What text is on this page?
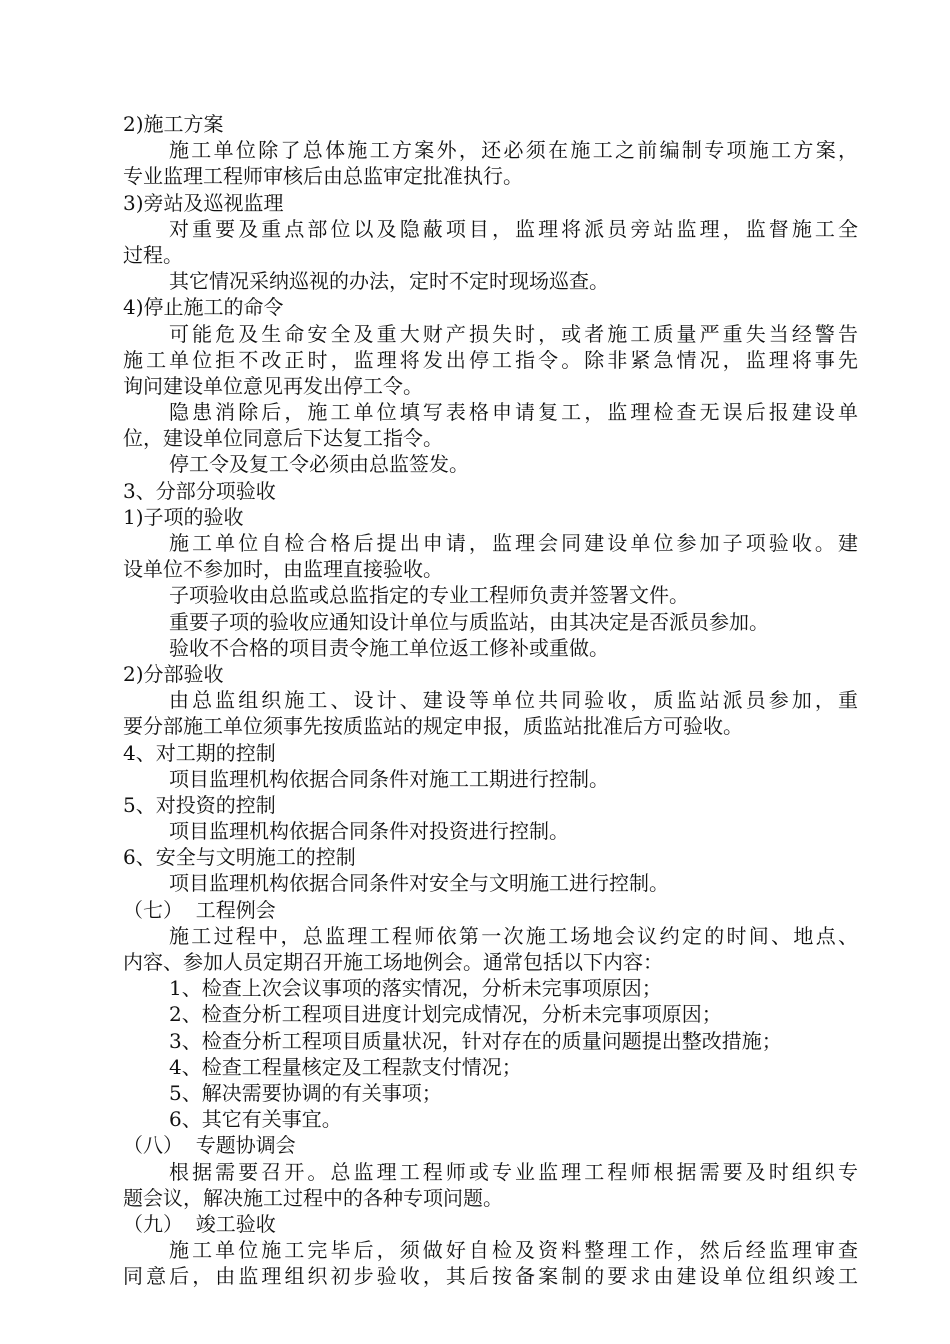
2)施工方案
施工单位除了总体施工方案外，还必须在施工之前编制专项施工方案，
专业监理工程师审核后由总监审定批准执行。
3)旁站及巡视监理
对重要及重点部位以及隐蔽项目，监理将派员旁站监理，监督施工全
过程。
其它情况采纳巡视的办法，定时不定时现场巡查。
4)停止施工的命令
可能危及生命安全及重大财产损失时，或者施工质量严重失当经警告
施工单位拒不改正时，监理将发出停工指令。除非紧急情况，监理将事先
询问建设单位意见再发出停工令。
隐患消除后，施工单位填写表格申请复工，监理检查无误后报建设单
位，建设单位同意后下达复工指令。
停工令及复工令必须由总监签发。
3、分部分项验收
1)子项的验收
施工单位自检合格后提出申请，监理会同建设单位参加子项验收。建
设单位不参加时，由监理直接验收。
子项验收由总监或总监指定的专业工程师负责并签署文件。
重要子项的验收应通知设计单位与质监站，由其决定是否派员参加。
验收不合格的项目责令施工单位返工修补或重做。
2)分部验收
由总监组织施工、设计、建设等单位共同验收，质监站派员参加，重
要分部施工单位须事先按质监站的规定申报，质监站批准后方可验收。
4、对工期的控制
项目监理机构依据合同条件对施工工期进行控制。
5、对投资的控制
项目监理机构依据合同条件对投资进行控制。
6、安全与文明施工的控制
项目监理机构依据合同条件对安全与文明施工进行控制。
（七）  工程例会
施工过程中，总监理工程师依第一次施工场地会议约定的时间、地点、
内容、参加人员定期召开施工场地例会。通常包括以下内容：
1、检查上次会议事项的落实情况，分析未完事项原因；
2、检查分析工程项目进度计划完成情况，分析未完事项原因；
3、检查分析工程项目质量状况，针对存在的质量问题提出整改措施；
4、检查工程量核定及工程款支付情况；
5、解决需要协调的有关事项；
6、其它有关事宜。
（八）  专题协调会
根据需要召开。总监理工程师或专业监理工程师根据需要及时组织专
题会议，解决施工过程中的各种专项问题。
（九）  竣工验收
施工单位施工完毕后，须做好自检及资料整理工作，然后经监理审查
同意后，由监理组织初步验收，其后按备案制的要求由建设单位组织竣工
